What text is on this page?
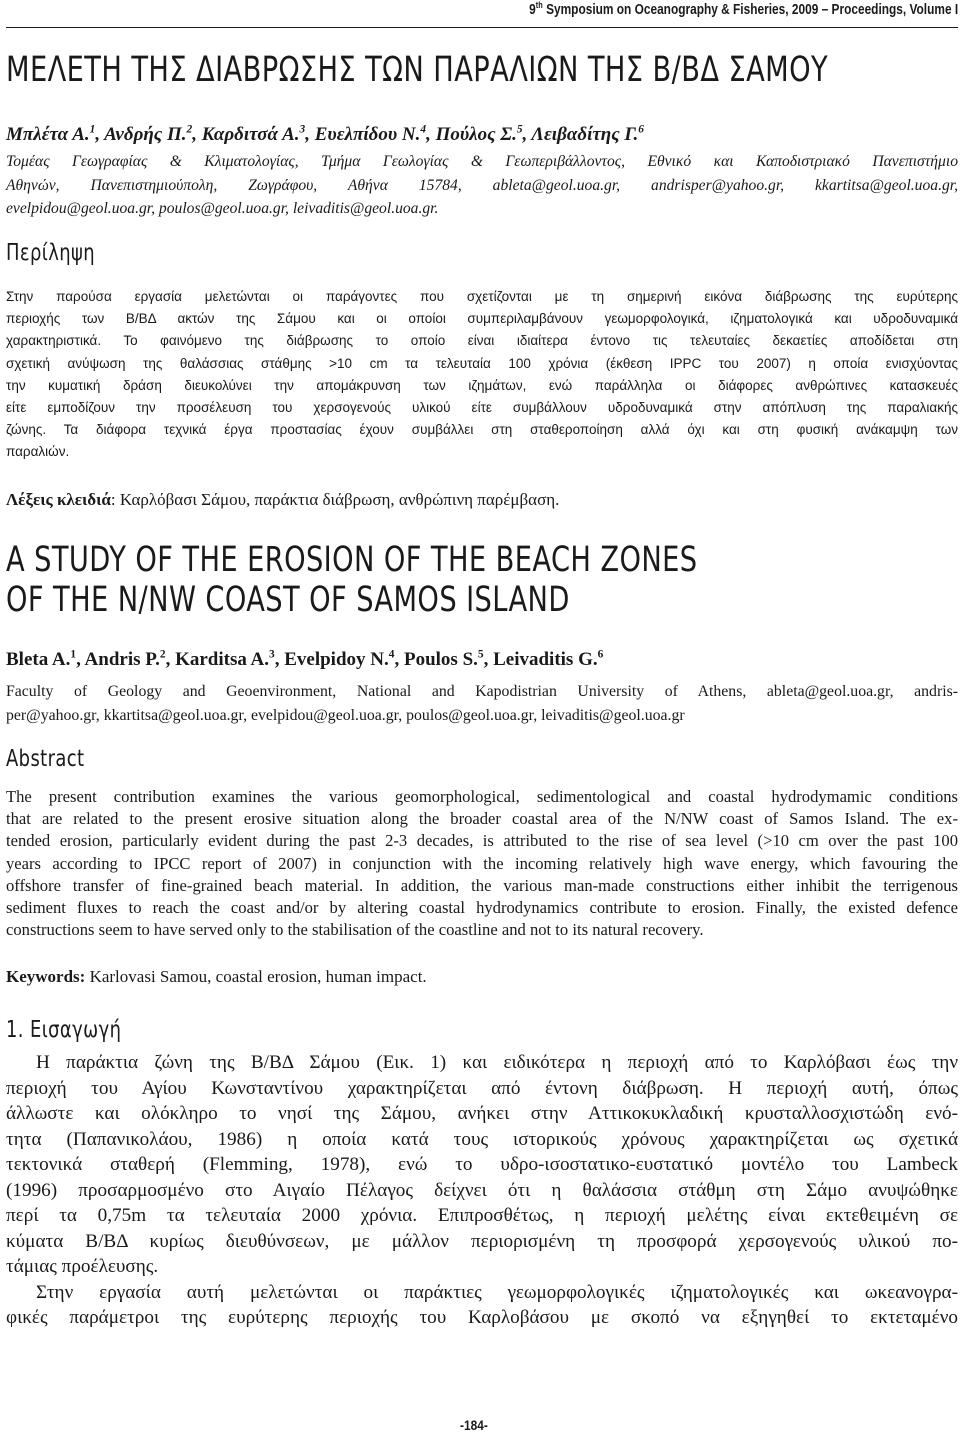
9th Symposium on Oceanography & Fisheries, 2009 – Proceedings, Volume I
ΜΕΛΕΤΗ ΤΗΣ ΔΙΑΒΡΩΣΗΣ ΤΩΝ ΠΑΡΑΛΙΩΝ ΤΗΣ Β/ΒΔ ΣΑΜΟΥ
Μπλέτα Α.$^1$, Ανδρής Π.$^2$, Καρδιτσά Α.$^3$, Ευελπίδου Ν.$^4$, Πούλος Σ.$^5$, Λειβαδίτης Γ.$^6$
Τομέας Γεωγραφίας & Κλιματολογίας, Τμήμα Γεωλογίας & Γεωπεριβάλλοντος, Εθνικό και Καποδιστριακό Πανεπιστήμιο
Αθηνών, Πανεπιστημιούπολη, Ζωγράφου, Αθήνα 15784, ableta@geol.uoa.gr, andrisper@yahoo.gr, kkartitsa@geol.uoa.gr,
evelpidou@geol.uoa.gr, poulos@geol.uoa.gr, leivaditis@geol.uoa.gr.
Περίληψη
Στην παρούσα εργασία μελετώνται οι παράγοντες που σχετίζονται με τη σημερινή εικόνα διάβρωσης της ευρύτερης
περιοχής των Β/ΒΔ ακτών της Σάμου και οι οποίοι συμπεριλαμβάνουν γεωμορφολογικά, ιζηματολογικά και υδροδυναμικά
χαρακτηριστικά. Το φαινόμενο της διάβρωσης το οποίο είναι ιδιαίτερα έντονο τις τελευταίες δεκαετίες αποδίδεται στη
σχετική ανύψωση της θαλάσσιας στάθμης >10 cm τα τελευταία 100 χρόνια (έκθεση IPPC του 2007) η οποία ενισχύοντας
την κυματική δράση διευκολύνει την απομάκρυνση των ιζημάτων, ενώ παράλληλα οι διάφορες ανθρώπινες κατασκευές
είτε εμποδίζουν την προσέλευση του χερσογενούς υλικού είτε συμβάλλουν υδροδυναμικά στην απόπλυση της παραλιακής
ζώνης. Τα διάφορα τεχνικά έργα προστασίας έχουν συμβάλλει στη σταθεροποίηση αλλά όχι και στη φυσική ανάκαμψη των
παραλιών.
Λέξεις κλειδιά: Καρλόβασι Σάμου, παράκτια διάβρωση, ανθρώπινη παρέμβαση.
A STUDY OF THE EROSION OF THE BEACH ZONES
OF THE N/NW COAST OF SAMOS ISLAND
Bleta A.$^1$, Andris P.$^2$, Karditsa A.$^3$, Evelpidoy N.$^4$, Poulos S.$^5$, Leivaditis G.$^6$
Faculty of Geology and Geoenvironment, National and Kapodistrian University of Athens, ableta@geol.uoa.gr, andris-
per@yahoo.gr, kkartitsa@geol.uoa.gr, evelpidou@geol.uoa.gr, poulos@geol.uoa.gr, leivaditis@geol.uoa.gr
Abstract
The present contribution examines the various geomorphological, sedimentological and coastal hydrodymamic conditions
that are related to the present erosive situation along the broader coastal area of the N/NW coast of Samos Island. The ex-
tended erosion, particularly evident during the past 2-3 decades, is attributed to the rise of sea level (>10 cm over the past 100
years according to IPCC report of 2007) in conjunction with the incoming relatively high wave energy, which favouring the
offshore transfer of fine-grained beach material. In addition, the various man-made constructions either inhibit the terrigenous
sediment fluxes to reach the coast and/or by altering coastal hydrodynamics contribute to erosion. Finally, the existed defence
constructions seem to have served only to the stabilisation of the coastline and not to its natural recovery.
Keywords: Karlovasi Samou, coastal erosion, human impact.
1. Εισαγωγή
Η παράκτια ζώνη της Β/ΒΔ Σάμου (Εικ. 1) και ειδικότερα η περιοχή από το Καρλόβασι έως την
περιοχή του Αγίου Κωνσταντίνου χαρακτηρίζεται από έντονη διάβρωση. Η περιοχή αυτή, όπως
άλλωστε και ολόκληρο το νησί της Σάμου, ανήκει στην Αττικοκυκλαδική κρυσταλλοσχιστώδη ενό-
τητα (Παπανικολάου, 1986) η οποία κατά τους ιστορικούς χρόνους χαρακτηρίζεται ως σχετικά
τεκτονικά σταθερή (Flemming, 1978), ενώ το υδρο-ισοστατικο-ευστατικό μοντέλο του Lambeck
(1996) προσαρμοσμένο στο Αιγαίο Πέλαγος δείχνει ότι η θαλάσσια στάθμη στη Σάμο ανυψώθηκε
περί τα 0,75m τα τελευταία 2000 χρόνια. Επιπροσθέτως, η περιοχή μελέτης είναι εκτεθειμένη σε
κύματα Β/ΒΔ κυρίως διευθύνσεων, με μάλλον περιορισμένη τη προσφορά χερσογενούς υλικού πο-
τάμιας προέλευσης.
Στην εργασία αυτή μελετώνται οι παράκτιες γεωμορφολογικές ιζηματολογικές και ωκεανογρα-
φικές παράμετροι της ευρύτερης περιοχής του Καρλοβάσου με σκοπό να εξηγηθεί το εκτεταμένο
-184-
